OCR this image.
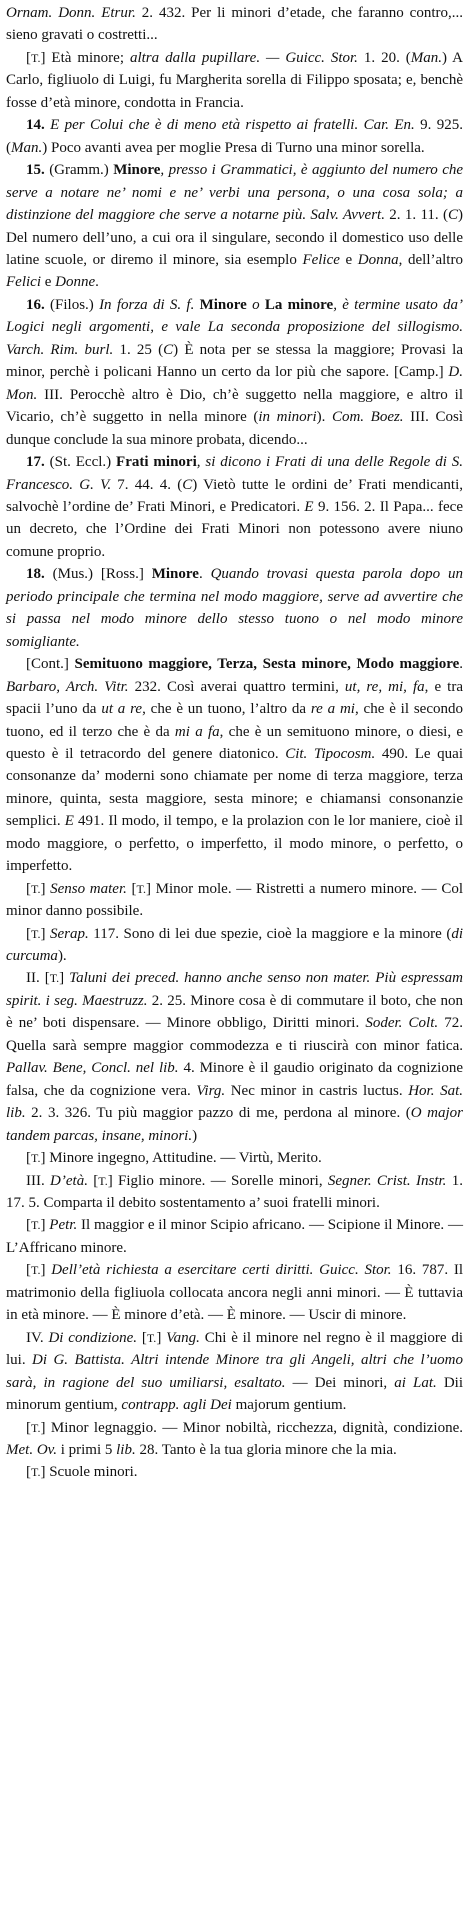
Ornam. Donn. Etrur. 2. 432. Per li minori d’etade, che faranno contro,... sieno gravati o costretti...

[T.] Età minore; altra dalla pupillare. — Guicc. Stor. 1. 20. (Man.) A Carlo, figliuolo di Luigi, fu Margherita sorella di Filippo sposata; e, benchè fosse d’età minore, condotta in Francia.

14. E per Colui che è di meno età rispetto ai fratelli. Car. En. 9. 925. (Man.) Poco avanti avea per moglie Presa di Turno una minor sorella.

15. (Gramm.) Minore, presso i Grammatici, è aggiunto del numero che serve a notare ne’ nomi e ne’ verbi una persona, o una cosa sola; a distinzione del maggiore che serve a notarne più. Salv. Avvert. 2. 1. 11. (C) Del numero dell’uno, a cui ora il singulare, secondo il domestico uso delle latine scuole, or diremo il minore, sia esemplo Felice e Donna, dell’altro Felici e Donne.

16. (Filos.) In forza di S. f. Minore o La minore, è termine usato da’ Logici negli argomenti, e vale La seconda proposizione del sillogismo. Varch. Rim. burl. 1. 25 (C) È nota per se stessa la maggiore; Provasi la minor, perchè i policani Hanno un certo da lor più che sapore. [Camp.] D. Mon. III. Perocchè altro è Dio, ch’è suggetto nella maggiore, e altro il Vicario, ch’è suggetto in nella minore (in minori). Com. Boez. III. Così dunque conclude la sua minore probata, dicendo...

17. (St. Eccl.) Frati minori, si dicono i Frati di una delle Regole di S. Francesco. G. V. 7. 44. 4. (C) Vietò tutte le ordini de’ Frati mendicanti, salvochè l’ordine de’ Frati Minori, e Predicatori. E 9. 156. 2. Il Papa... fece un decreto, che l’Ordine dei Frati Minori non potessono avere niuno comune proprio.

18. (Mus.) [Ross.] Minore. Quando trovasi questa parola dopo un periodo principale che termina nel modo maggiore, serve ad avvertire che si passa nel modo minore dello stesso tuono o nel modo minore somigliante.

[Cont.] Semituono maggiore, Terza, Sesta minore, Modo maggiore. Barbaro, Arch. Vitr. 232. Così averai quattro termini, ut, re, mi, fa, e tra spacii l’uno da ut a re, che è un tuono, l’altro da re a mi, che è il secondo tuono, ed il terzo che è da mi a fa, che è un semituono minore, o diesi, e questo è il tetracordo del genere diatonico. Cit. Tipocosm. 490. Le quai consonanze da’ moderni sono chiamate per nome di terza maggiore, terza minore, quinta, sesta maggiore, sesta minore; e chiamansi consonanzie semplici. E 491. Il modo, il tempo, e la prolazion con le lor maniere, cioè il modo maggiore, o perfetto, o imperfetto, il modo minore, o perfetto, o imperfetto.

[T.] Senso mater. [T.] Minor mole. — Ristretti a numero minore. — Col minor danno possibile.

[T.] Serap. 117. Sono di lei due spezie, cioè la maggiore e la minore (di curcuma).

II. [T.] Taluni dei preced. hanno anche senso non mater. Più espressam spirit. i seg. Maestruzz. 2. 25. Minore cosa è di commutare il boto, che non è ne’ boti dispensare. — Minore obbligo, Diritti minori. Soder. Colt. 72. Quella sarà sempre maggior commodezza e ti riuscirà con minor fatica. Pallav. Bene, Concl. nel lib. 4. Minore è il gaudio originato da cognizione falsa, che da cognizione vera. Virg. Nec minor in castris luctus. Hor. Sat. lib. 2. 3. 326. Tu più maggior pazzo di me, perdona al minore. (O major tandem parcas, insane, minori.)

[T.] Minore ingegno, Attitudine. — Virtù, Merito.

III. D’età. [T.] Figlio minore. — Sorelle minori, Segner. Crist. Instr. 1. 17. 5. Comparta il debito sostentamento a’ suoi fratelli minori.

[T.] Petr. Il maggior e il minor Scipio africano. — Scipione il Minore. — L’Affricano minore.

[T.] Dell’età richiesta a esercitare certi diritti. Guicc. Stor. 16. 787. Il matrimonio della figliuola collocata ancora negli anni minori. — È tuttavia in età minore. — È minore d’età. — È minore. — Uscir di minore.

IV. Di condizione. [T.] Vang. Chi è il minore nel regno è il maggiore di lui. Di G. Battista. Altri intende Minore tra gli Angeli, altri che l’uomo sarà, in ragione del suo umiliarsi, esaltato. — Dei minori, ai Lat. Dii minorum gentium, contrapp. agli Dei majorum gentium.

[T.] Minor legnaggio. — Minor nobiltà, ricchezza, dignità, condizione. Met. Ov. i primi 5 lib. 28. Tanto è la tua gloria minore che la mia.

[T.] Scuole minori.
